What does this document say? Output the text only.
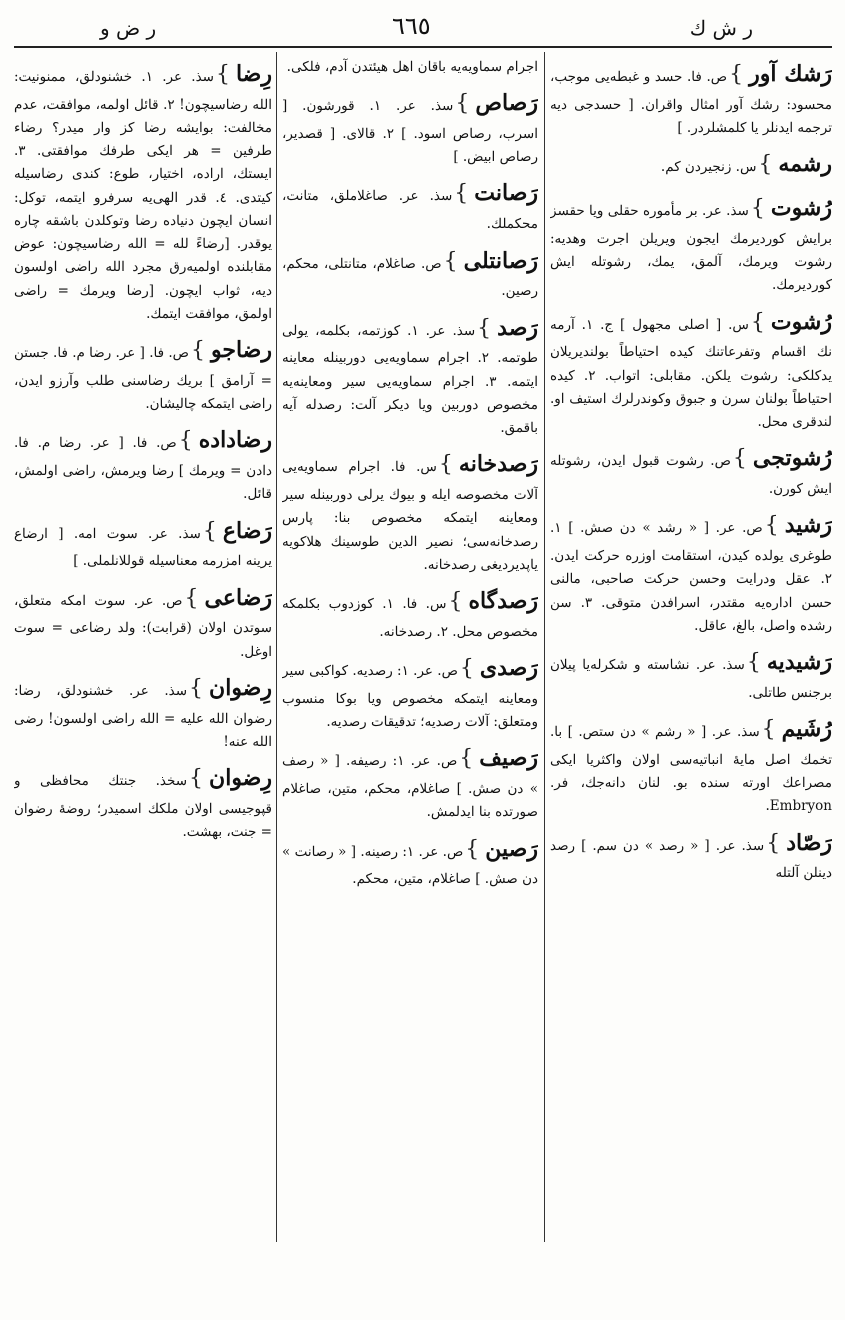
ر ض و	٦٦٥	ر ش ك
رَشك آور}ص. فا. حسد و غبطه‌يى موجب، محسود: رشك آور امثال واقران. [ حسدجى ديه ترجمه ايدنلر يا كلمشلردر. ]
رشمه}س. زنجيردن كم.
رُشوت}سذ. عر. بر مأموره حقلى ويا حقسز برايش كورديرمك ايجون ويريلن اجرت وهديه: رشوت ويرمك، آلمق، يمك، رشوتله ايش كورديرمك.
رُشوت}س. [ اصلى مجهول ] ج. ١. آرمه نك اقسام وتفرعاتنك كيده احتياطاً بولنديريلان يدكلكى: رشوت يلكن. مقابلى: اتواب. ٢. كيده احتياطاً بولنان سرن و جبوق وكوندرلرك استيف او. لندقرى محل.
رُشوتجى}ص. رشوت قبول ايدن، رشوتله ايش كورن.
رَشيد}ص. عر. [ « رشد » دن صش. ] ١. طوغرى يولده كيدن، استقامت اوزره حركت ايدن. ٢. عقل ودرايت وحسن حركت صاحبى، مالنى حسن اداره‌يه مقتدر، اسرافدن متوقى. ٣. سن رشده واصل، بالغ، عاقل.
رَشيديه}سذ. عر. نشاسته و شكرله‌يا پيلان برجنس طاتلى.
رُشَيم}سذ. عر. [ « رشم » دن ستص. ] با. تخمك اصل مايهٔ انباتيه‌سى اولان واكثريا ايكى مصراعك اورته سنده بو. لنان دانه‌جك، فر. Embryon.
رَصّاد}سذ. عر. [ « رصد » دن سم. ] رصد دينلن آلتله
اجرام سماويه‌يه باقان اهل هيئتدن آدم، فلكى.
رَصاص}سذ. عر. ١. قورشون. [ اسرب، رصاص اسود. ] ٢. قالاى. [ قصدير، رصاص ابيض. ]
رَصانت}سذ. عر. صاغلاملق، متانت، محكملك.
رَصانتلى}ص. صاغلام، متانتلى، محكم، رصين.
رَصد}سذ. عر. ١. كوزتمه، بكلمه، يولى طوتمه. ٢. اجرام سماويه‌يى دوربينله معاينه ايتمه. ٣. اجرام سماويه‌يى سير ومعاينه‌يه مخصوص دوربين ويا ديكر آلت: رصدله آيه باقمق.
رَصدخانه}س. فا. اجرام سماويه‌يى آلات مخصوصه ايله و بيوك يرلى دوربينله سير ومعاينه ايتمكه مخصوص بنا: پارس رصدخانه‌سى؛ نصير الدين طوسينك هلاكويه ياپديرديغى رصدخانه.
رَصدگاه}س. فا. ١. كوزدوب بكلمكه مخصوص محل. ٢. رصدخانه.
رَصدى}ص. عر. ١: رصديه. كواكبى سير ومعاينه ايتمكه مخصوص ويا بوكا منسوب ومتعلق: آلات رصديه؛ تدقيقات رصديه.
رَصيف}ص. عر. ١: رصيفه. [ « رصف » دن صش. ] صاغلام، محكم، متين، صاغلام صورتده بنا ايدلمش.
رَصين}ص. عر. ١: رصينه. [ « رصانت » دن صش. ] صاغلام، متين، محكم.
رِضا}سذ. عر. ١. خشنودلق، ممنونيت: الله رضاسيچون! ٢. قائل اولمه، موافقت، عدم مخالفت: بوايشه رضا كز وار ميدر؟ رضاء طرفين = هر ايكى طرفك موافقتى. ٣. ايستك، اراده، اختيار، طوع: كندى رضاسيله كيتدى. ٤. قدر الهى‌يه سرفرو ايتمه، توكل: انسان ايچون دنياده رضا وتوكلدن باشقه چاره يوقدر. [رضاءً لله = الله رضاسيچون: عوض مقابلنده اولميه‌رق مجرد الله راضى اولسون ديه، ثواب ايچون. [رضا ويرمك = راضى اولمق، موافقت ايتمك.
رضاجو}ص. فا. [ عر. رضا م. فا. جستن = آرامق ] بريك رضاسنى طلب وآرزو ايدن، راضى ايتمكه چاليشان.
رضاداده}ص. فا. [ عر. رضا م. فا. دادن = ويرمك ] رضا ويرمش، راضى اولمش، قائل.
رَضاع}سذ. عر. سوت امه. [ ارضاع يرينه امزرمه معناسيله قوللانلملى. ]
رَضاعى}ص. عر. سوت امكه متعلق، سوتدن اولان (قرابت): ولد رضاعى = سوت اوغل.
رِضوان}سذ. عر. خشنودلق، رضا: رضوان الله عليه = الله راضى اولسون! رضى الله عنه!
رِضوان}سخذ. جنتك محافظى و قپوجيسى اولان ملكك اسميدر؛ روضهٔ رضوان = جنت، بهشت.
